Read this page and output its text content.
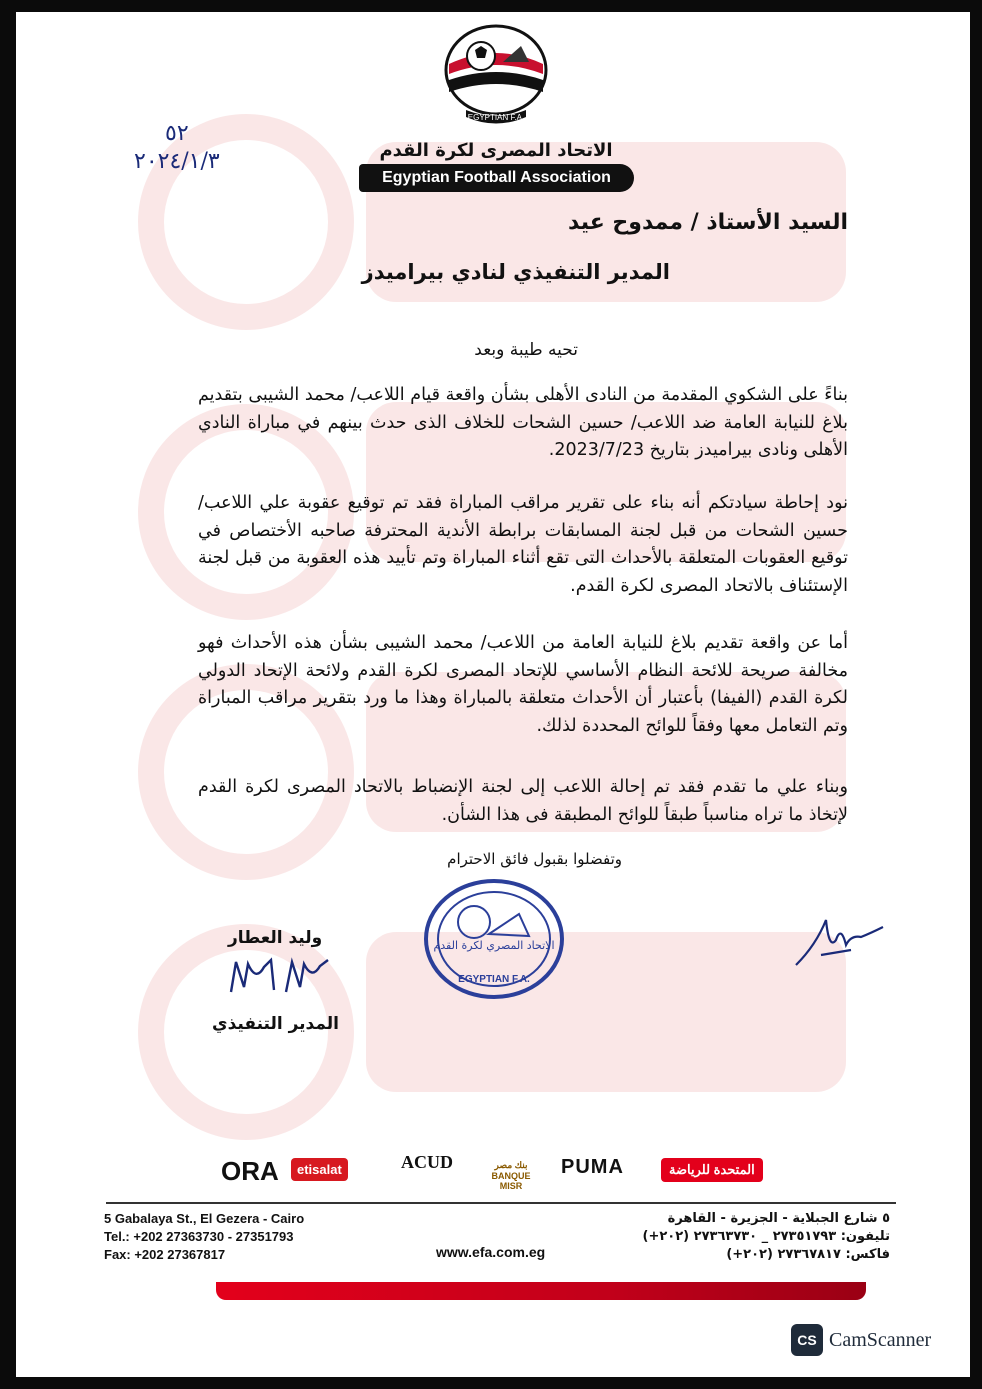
EGYPTIAN F.A.
الاتحاد المصرى لكرة القدم
Egyptian Football Association
٥٢
٢٠٢٤/١/٣
السيد الأستاذ / ممدوح عيد
المدير التنفيذي لنادي بيراميدز
تحيه طيبة وبعد
بناءً على الشكوي المقدمة من النادى الأهلى بشأن واقعة قيام اللاعب/ محمد الشيبى بتقديم بلاغ للنيابة العامة ضد اللاعب/ حسين الشحات للخلاف الذى حدث بينهم في مباراة النادي الأهلى ونادى بيراميدز بتاريخ 2023/7/23.
نود إحاطة سيادتكم أنه بناء على تقرير مراقب المباراة فقد تم توقيع عقوبة علي اللاعب/ حسين الشحات من قبل لجنة المسابقات برابطة الأندية المحترفة صاحبه الأختصاص في توقيع العقوبات المتعلقة بالأحداث التى تقع أثناء المباراة وتم تأييد هذه العقوبة من قبل لجنة الإستئناف بالاتحاد المصرى لكرة القدم.
أما عن واقعة تقديم بلاغ للنيابة العامة من اللاعب/ محمد الشيبى بشأن هذه الأحداث فهو مخالفة صريحة للائحة النظام الأساسي للإتحاد المصرى لكرة القدم ولائحة الإتحاد الدولي لكرة القدم (الفيفا) بأعتبار أن الأحداث متعلقة بالمباراة وهذا ما ورد بتقرير مراقب المباراة وتم التعامل معها وفقاً للوائح المحددة لذلك.
وبناء علي ما تقدم فقد تم إحالة اللاعب إلى لجنة الإنضباط بالاتحاد المصرى لكرة القدم لإتخاذ ما تراه مناسباً طبقاً للوائح المطبقة فى هذا الشأن.
وتفضلوا بقبول فائق الاحترام
الاتحاد المصري لكرة القدم
EGYPTIAN F.A.
وليد العطار
المدير التنفيذي
ORA	etisalat	ACUD	بنك مصر BANQUE MISR
PUMA	المتحدة للرياضة
5 Gabalaya St., El Gezera - Cairo
Tel.: +202 27363730 - 27351793
Fax: +202 27367817
٥ شارع الجبلاية - الجزيرة - القاهرة
تليفون: ٢٧٣٥١٧٩٣ _ ٢٧٣٦٣٧٣٠ (٢٠٢+)
فاكس: ٢٧٣٦٧٨١٧ (٢٠٢+)
www.efa.com.eg
CS CamScanner
